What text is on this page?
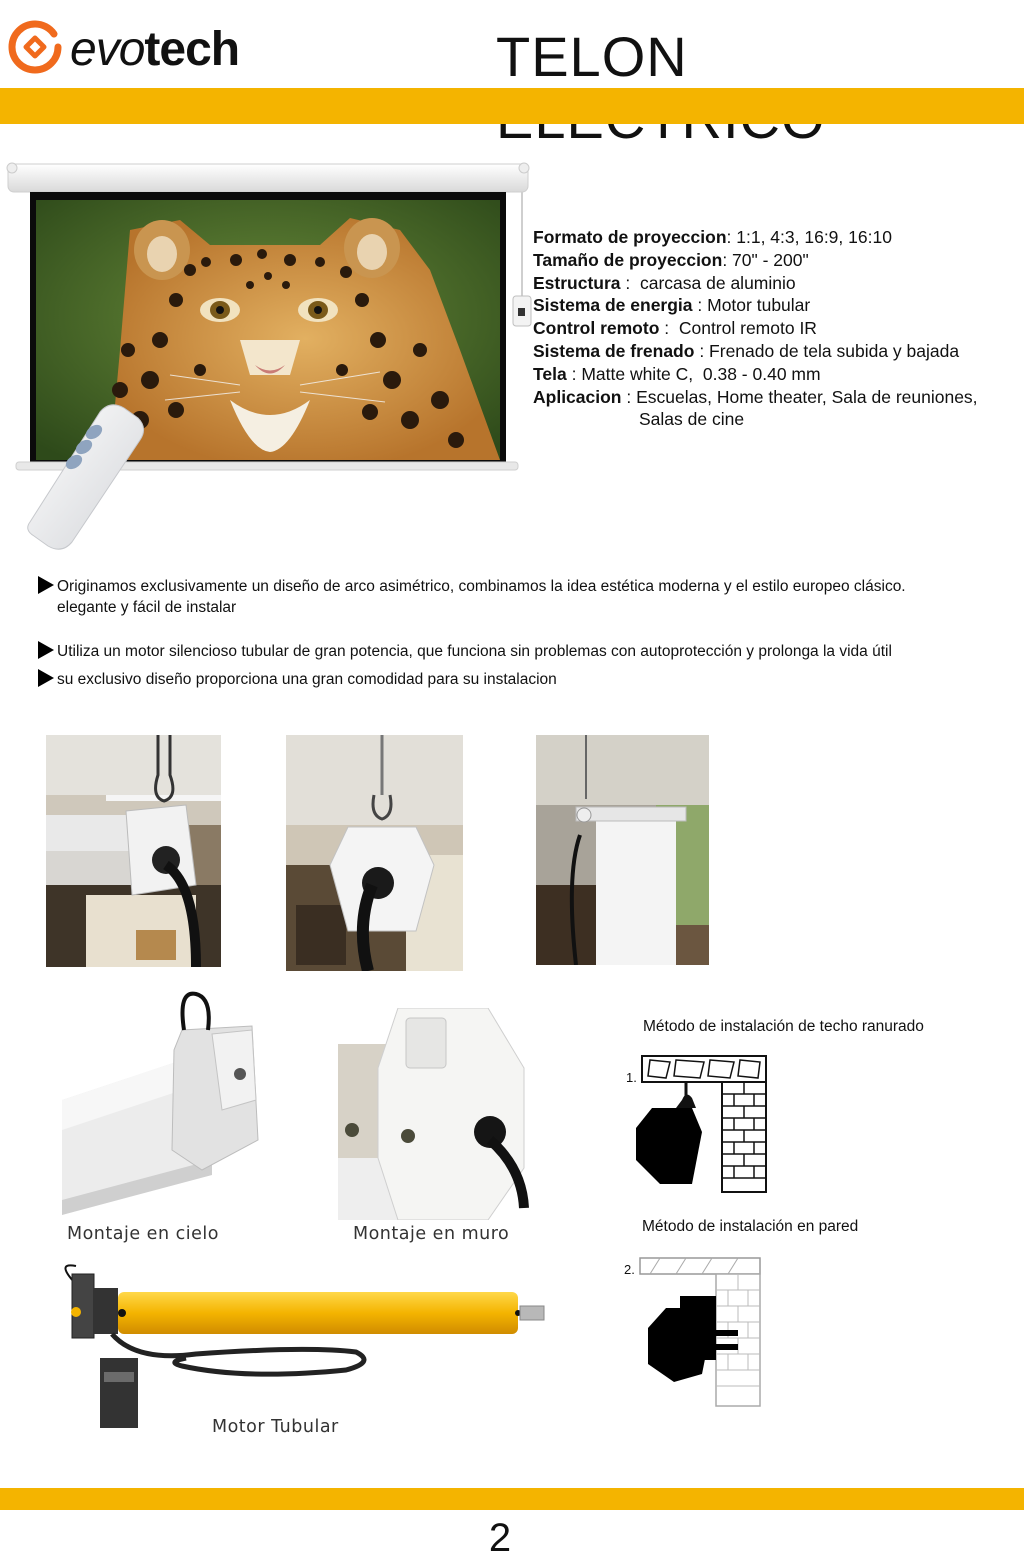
evotech	TELON
Formato de proyeccion: 1:1, 4:3, 16:9, 16:10
Tamaño de proyeccion: 70" - 200"
Estructura :  carcasa de aluminio
Sistema de energia : Motor tubular
Control remoto :  Control remoto IR
Sistema de frenado : Frenado de tela subida y bajada
Tela : Matte white C,  0.38 - 0.40 mm
Aplicacion : Escuelas, Home theater, Sala de reuniones,
Salas de cine
Originamos exclusivamente un diseño de arco asimétrico, combinamos la idea estética moderna y el estilo europeo clásico.
elegante y fácil de instalar
Utiliza un motor silencioso tubular de gran potencia, que funciona sin problemas con autoprotección y prolonga la vida útil
su exclusivo diseño proporciona una gran comodidad para su instalacion
Montaje en cielo	Montaje en muro
Motor Tubular
Método de instalación de techo ranurado
1.
Método de instalación en pared
2.
2
